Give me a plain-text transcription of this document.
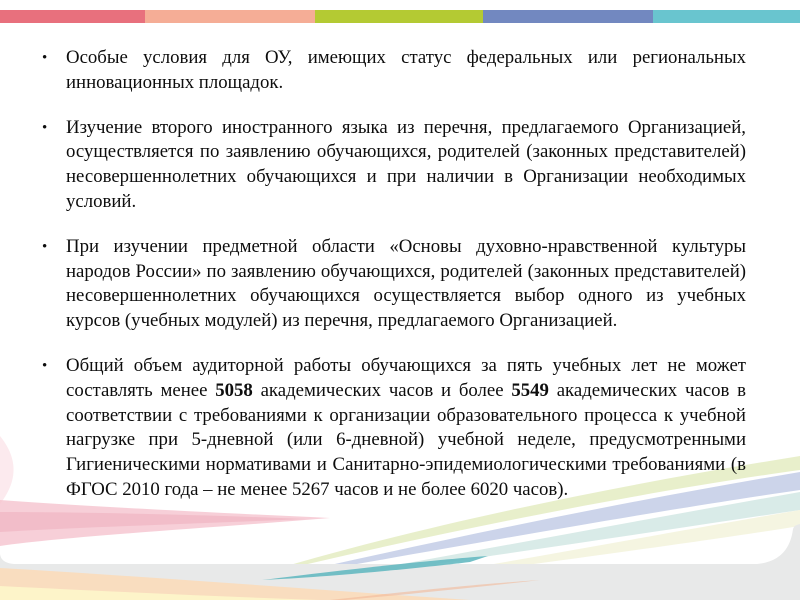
• Особые условия для ОУ, имеющих статус федеральных или региональных инновационных площадок.
• Изучение второго иностранного языка из перечня, предлагаемого Организацией, осуществляется по заявлению обучающихся, родителей (законных представителей) несовершеннолетних обучающихся и при наличии в Организации необходимых условий.
• При изучении предметной области «Основы духовно-нравственной культуры народов России» по заявлению обучающихся, родителей (законных представителей) несовершеннолетних обучающихся осуществляется выбор одного из учебных курсов (учебных модулей) из перечня, предлагаемого Организацией.
• Общий объем аудиторной работы обучающихся за пять учебных лет не может составлять менее 5058 академических часов и более 5549 академических часов в соответствии с требованиями к организации образовательного процесса к учебной нагрузке при 5-дневной (или 6-дневной) учебной неделе, предусмотренными Гигиеническими нормативами и Санитарно-эпидемиологическими требованиями (в ФГОС 2010 года – не менее 5267 часов и не более 6020 часов).
